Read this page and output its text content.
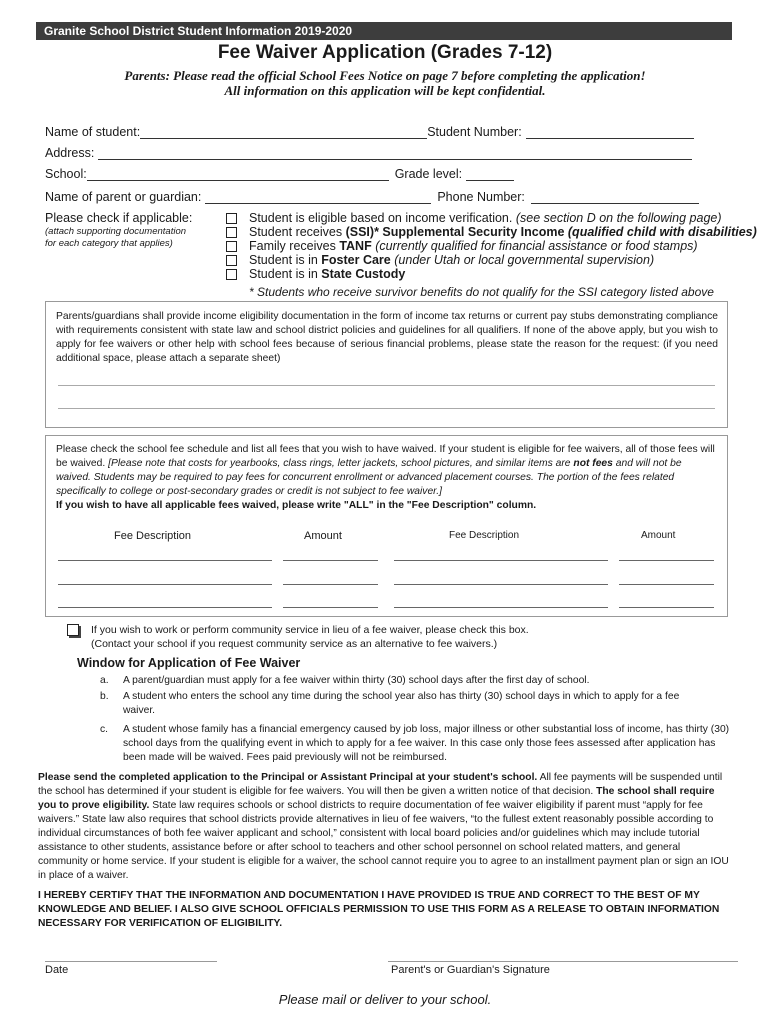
Granite School District Student Information 2019-2020
Fee Waiver Application (Grades 7-12)
Parents: Please read the official School Fees Notice on page 7 before completing the application!
All information on this application will be kept confidential.
Name of student:	Student Number:
Address:
School:	Grade level:
Name of parent or guardian:	Phone Number:
Please check if applicable:
(attach supporting documentation
for each category that applies)
Student is eligible based on income verification. (see section D on the following page)
Student receives (SSI)* Supplemental Security Income (qualified child with disabilities)
Family receives TANF (currently qualified for financial assistance or food stamps)
Student is in Foster Care (under Utah or local governmental supervision)
Student is in State Custody
* Students who receive survivor benefits do not qualify for the SSI category listed above
Parents/guardians shall provide income eligibility documentation in the form of income tax returns or current pay stubs demonstrating compliance with requirements consistent with state law and school district policies and guidelines for all qualifiers. If none of the above apply, but you wish to apply for fee waivers or other help with school fees because of serious financial problems, please state the reason for the request: (if you need additional space, please attach a separate sheet)
Please check the school fee schedule and list all fees that you wish to have waived. If your student is eligible for fee waivers, all of those fees will be waived. [Please note that costs for yearbooks, class rings, letter jackets, school pictures, and similar items are not fees and will not be waived. Students may be required to pay fees for concurrent enrollment or advanced placement courses. The portion of the fees related specifically to college or post-secondary grades or credit is not subject to fee waiver.]
If you wish to have all applicable fees waived, please write "ALL" in the "Fee Description" column.
Fee Description	Amount	Fee Description	Amount
If you wish to work or perform community service in lieu of a fee waiver, please check this box.
(Contact your school if you request community service as an alternative to fee waivers.)
Window for Application of Fee Waiver
a. A parent/guardian must apply for a fee waiver within thirty (30) school days after the first day of school.
b. A student who enters the school any time during the school year also has thirty (30) school days in which to apply for a fee waiver.
c. A student whose family has a financial emergency caused by job loss, major illness or other substantial loss of income, has thirty (30) school days from the qualifying event in which to apply for a fee waiver. In this case only those fees assessed after application has been made will be waived. Fees paid previously will not be reimbursed.
Please send the completed application to the Principal or Assistant Principal at your student's school. All fee payments will be suspended until the school has determined if your student is eligible for fee waivers. You will then be given a written notice of that decision. The school shall require you to prove eligibility. State law requires schools or school districts to require documentation of fee waiver eligibility if parent must “apply for fee waivers.” State law also requires that school districts provide alternatives in lieu of fee waivers, “to the fullest extent reasonably possible according to individual circumstances of both fee waiver applicant and school,” consistent with local board policies and/or guidelines which may include tutorial assistance to other students, assistance before or after school to teachers and other school personnel on school related matters, and general community or home service. If your student is eligible for a waiver, the school cannot require you to agree to an installment payment plan or sign an IOU in place of a waiver.
I HEREBY CERTIFY THAT THE INFORMATION AND DOCUMENTATION I HAVE PROVIDED IS TRUE AND CORRECT TO THE BEST OF MY KNOWLEDGE AND BELIEF. I ALSO GIVE SCHOOL OFFICIALS PERMISSION TO USE THIS FORM AS A RELEASE TO OBTAIN INFORMATION NECESSARY FOR VERIFICATION OF ELIGIBILITY.
Date	Parent's or Guardian's Signature
Please mail or deliver to your school.
